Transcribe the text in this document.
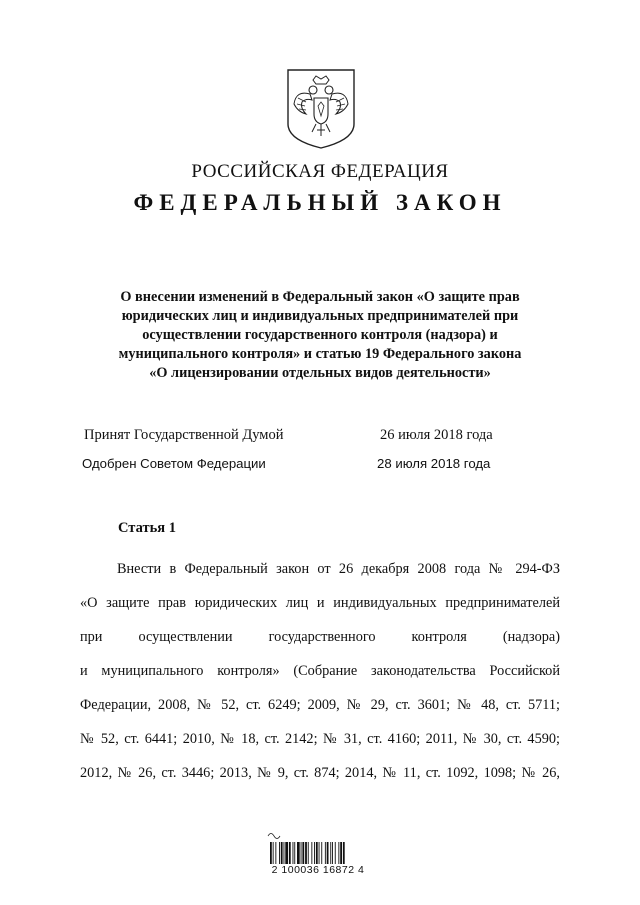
РОССИЙСКАЯ ФЕДЕРАЦИЯ
ФЕДЕРАЛЬНЫЙ ЗАКОН
О внесении изменений в Федеральный закон «О защите прав
юридических лиц и индивидуальных предпринимателей при
осуществлении государственного контроля (надзора) и
муниципального контроля» и статью 19 Федерального закона
«О лицензировании отдельных видов деятельности»
Принят Государственной Думой	26 июля 2018 года
Одобрен Советом Федерации	28 июля 2018 года
Статья 1
Внести в Федеральный закон от 26 декабря 2008 года № 294-ФЗ
«О защите прав юридических лиц и индивидуальных предпринимателей
при осуществлении государственного контроля (надзора)
и муниципального контроля» (Собрание законодательства Российской
Федерации, 2008, № 52, ст. 6249; 2009, № 29, ст. 3601; № 48, ст. 5711;
№ 52, ст. 6441; 2010, № 18, ст. 2142; № 31, ст. 4160; 2011, № 30, ст. 4590;
2012, № 26, ст. 3446; 2013, № 9, ст. 874; 2014, № 11, ст. 1092, 1098; № 26,
2 100036 16872 4
